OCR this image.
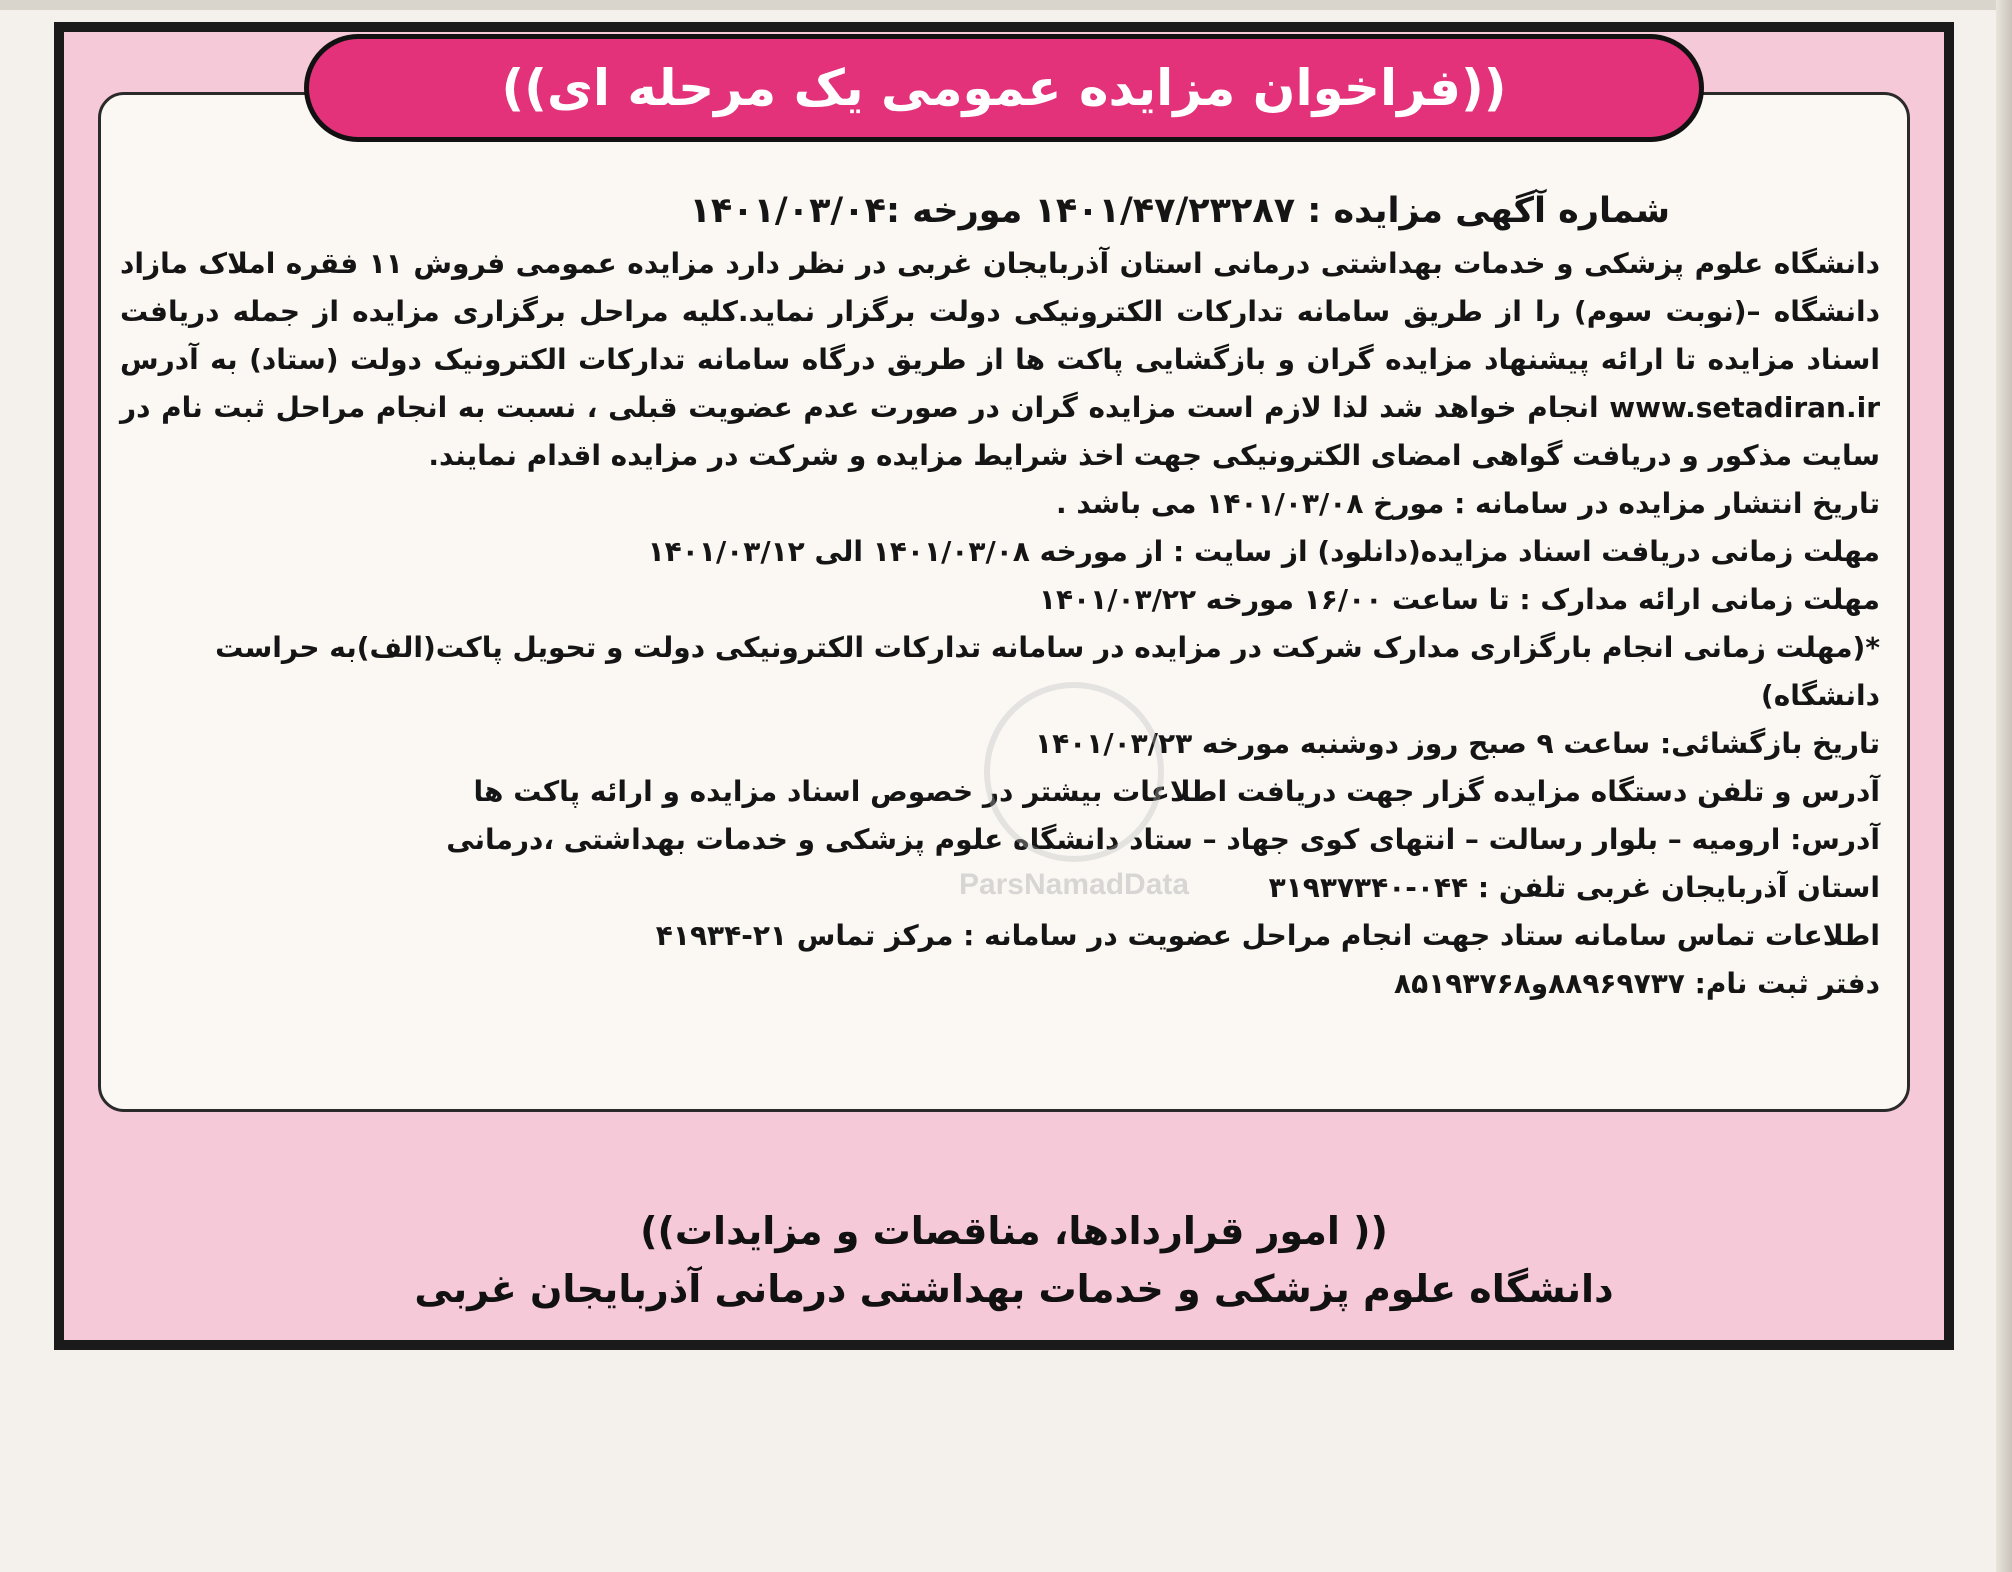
((فراخوان مزایده عمومی یک مرحله ای))
شماره آگهی مزایده : ۱۴۰۱/۴۷/۲۳۲۸۷ مورخه :۱۴۰۱/۰۳/۰۴

دانشگاه علوم پزشکی و خدمات بهداشتی درمانی استان آذربایجان غربی در نظر دارد مزایده عمومی فروش ۱۱ فقره املاک مازاد دانشگاه –(نوبت سوم) را از طریق سامانه تدارکات الکترونیکی دولت برگزار نماید.کلیه مراحل برگزاری مزایده از جمله دریافت اسناد مزایده تا ارائه پیشنهاد مزایده گران و بازگشایی پاکت ها از طریق درگاه سامانه تدارکات الکترونیک دولت (ستاد) به آدرس www.setadiran.ir انجام خواهد شد لذا لازم است مزایده گران در صورت عدم عضویت قبلی ، نسبت به انجام مراحل ثبت نام در سایت مذکور و دریافت گواهی امضای الکترونیکی جهت اخذ شرایط مزایده و شرکت در مزایده اقدام نمایند.

تاریخ انتشار مزایده در سامانه : مورخ ۱۴۰۱/۰۳/۰۸ می باشد .
مهلت زمانی دریافت اسناد مزایده(دانلود) از سایت : از مورخه ۱۴۰۱/۰۳/۰۸ الی ۱۴۰۱/۰۳/۱۲
مهلت زمانی ارائه مدارک : تا ساعت ۱۶/۰۰ مورخه ۱۴۰۱/۰۳/۲۲
*(مهلت زمانی انجام بارگزاری مدارک شرکت در مزایده در سامانه تدارکات الکترونیکی دولت و تحویل پاکت(الف)به حراست دانشگاه)
تاریخ بازگشائی: ساعت ۹ صبح روز دوشنبه مورخه ۱۴۰۱/۰۳/۲۳
آدرس و تلفن دستگاه مزایده گزار جهت دریافت اطلاعات بیشتر در خصوص اسناد مزایده و ارائه پاکت ها
آدرس: ارومیه – بلوار رسالت – انتهای کوی جهاد – ستاد دانشگاه علوم پزشکی و خدمات بهداشتی ،درمانی
استان آذربایجان غربی تلفن : ۰۴۴-۳۱۹۳۷۳۴۰
اطلاعات تماس سامانه ستاد جهت انجام مراحل عضویت در سامانه : مرکز تماس ۲۱-۴۱۹۳۴
دفتر ثبت نام: ۸۸۹۶۹۷۳۷و۸۵۱۹۳۷۶۸
(( امور قراردادها، مناقصات و مزایدات))
دانشگاه علوم پزشکی و خدمات بهداشتی درمانی آذربایجان غربی
ParsNamadData
